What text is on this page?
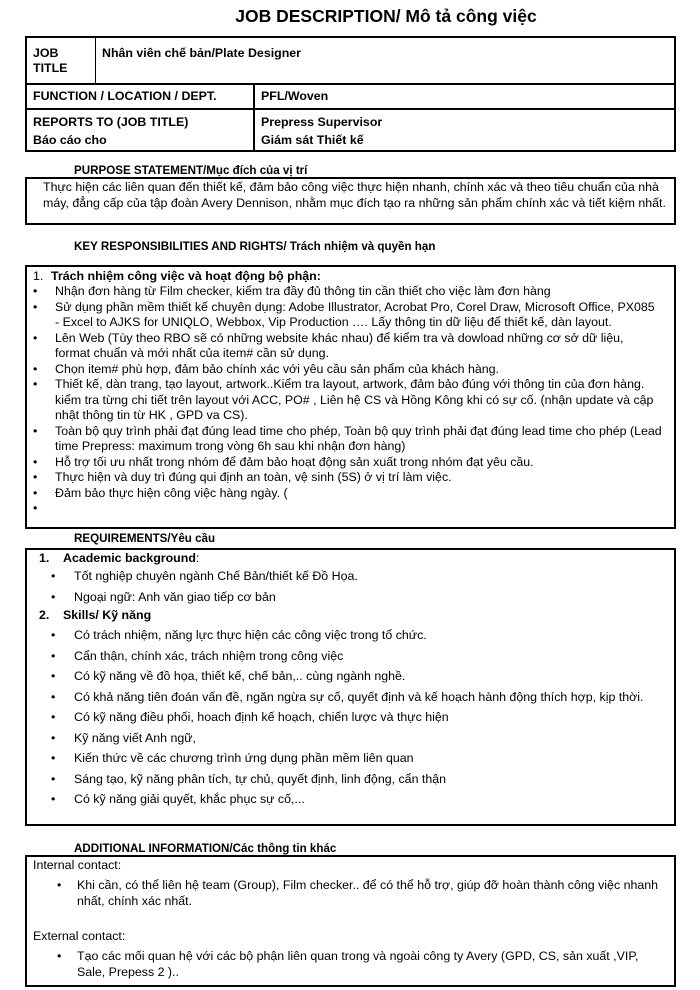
JOB DESCRIPTION/ Mô tả công việc
JOB TITLE
Nhân viên chế bản/Plate Designer
FUNCTION / LOCATION / DEPT.	PFL/Woven
REPORTS TO (JOB TITLE)
Báo cáo cho
Prepress Supervisor
Giám sát Thiết kế
PURPOSE STATEMENT/Mục đích của vị trí
Thực hiện các liên quan đến thiết kế, đảm bảo công việc thực hiện nhanh, chính xác và theo tiêu chuẩn của nhà máy, đẳng cấp của tập đoàn Avery Dennison, nhằm mục đích tạo ra những sản phẩm chính xác và tiết kiệm nhất.
KEY RESPONSIBILITIES AND RIGHTS/ Trách nhiệm và quyền hạn
1. Trách nhiệm công việc và hoạt động bộ phận:
• Nhận đơn hàng từ Film checker, kiểm tra đầy đủ thông tin cần thiết cho việc làm đơn hàng
• Sử dụng phần mềm thiết kế chuyên dụng: Adobe Illustrator, Acrobat Pro, Corel Draw, Microsoft Office, PX085 - Excel to AJKS for UNIQLO, Webbox, Vip Production …. Lấy thông tin dữ liệu để thiết kế, dàn layout.
• Lên Web (Tùy theo RBO sẽ có những website khác nhau) để kiểm tra và dowload những cơ sở dữ liệu, format chuẩn và mới nhất của item# cần sử dụng.
• Chọn item# phù hợp, đảm bảo chính xác với yêu cầu sản phẩm của khách hàng.
• Thiết kế, dàn trang, tạo layout, artwork..Kiểm tra layout, artwork, đảm bảo đúng với thông tin của đơn hàng. kiểm tra từng chi tiết trên layout với ACC, PO# , Liên hệ CS và Hồng Kông khi có sự cố. (nhận update và cập nhật thông tin từ HK , GPD va CS).
• Toàn bộ quy trình phải đạt đúng lead time cho phép, Toàn bộ quy trình phải đạt đúng lead time cho phép (Lead time Prepress: maximum trong vòng 6h sau khi nhận đơn hàng)
• Hỗ trợ tối ưu nhất trong nhóm để đảm bảo hoạt động sản xuất trong nhóm đạt yêu cầu.
• Thực hiện và duy trì đúng qui định an toàn, vệ sinh (5S) ở vị trí làm việc.
• Đảm bảo thực hiện công việc hàng ngày. (
•
REQUIREMENTS/Yêu cầu
1. Academic background:
• Tốt nghiệp chuyên ngành Chế Bản/thiết kế Đồ Họa.
• Ngoại ngữ: Anh văn giao tiếp cơ bản
2. Skills/ Kỹ năng
• Có trách nhiệm, năng lực thực hiện các công việc trong tổ chức.
• Cẩn thận, chính xác, trách nhiệm trong công việc
• Có kỹ năng về đồ họa, thiết kế, chế bản,.. cùng ngành nghề.
• Có khả năng tiên đoán vấn đề, ngăn ngừa sự cố, quyết định và kế hoạch hành động thích hợp, kịp thời.
• Có kỹ năng điều phối, hoach định kế hoạch, chiến lược và thực hiện
• Kỹ năng viết Anh ngữ,
• Kiến thức về các chương trình ứng dụng phần mềm liên quan
• Sáng tạo, kỹ năng phân tích, tự chủ, quyết định, linh động, cẩn thận
• Có kỹ năng giải quyết, khắc phục sự cố,...
ADDITIONAL INFORMATION/Các thông tin khác
Internal contact:
• Khi cần, có thể liên hệ team (Group), Film checker.. để có thể hỗ trợ, giúp đỡ hoàn thành công việc nhanh nhất, chính xác nhất.
External contact:
• Tạo các mối quan hệ với các bộ phận liên quan trong và ngoài công ty Avery (GPD, CS, sản xuất ,VIP, Sale, Prepess 2 )..
